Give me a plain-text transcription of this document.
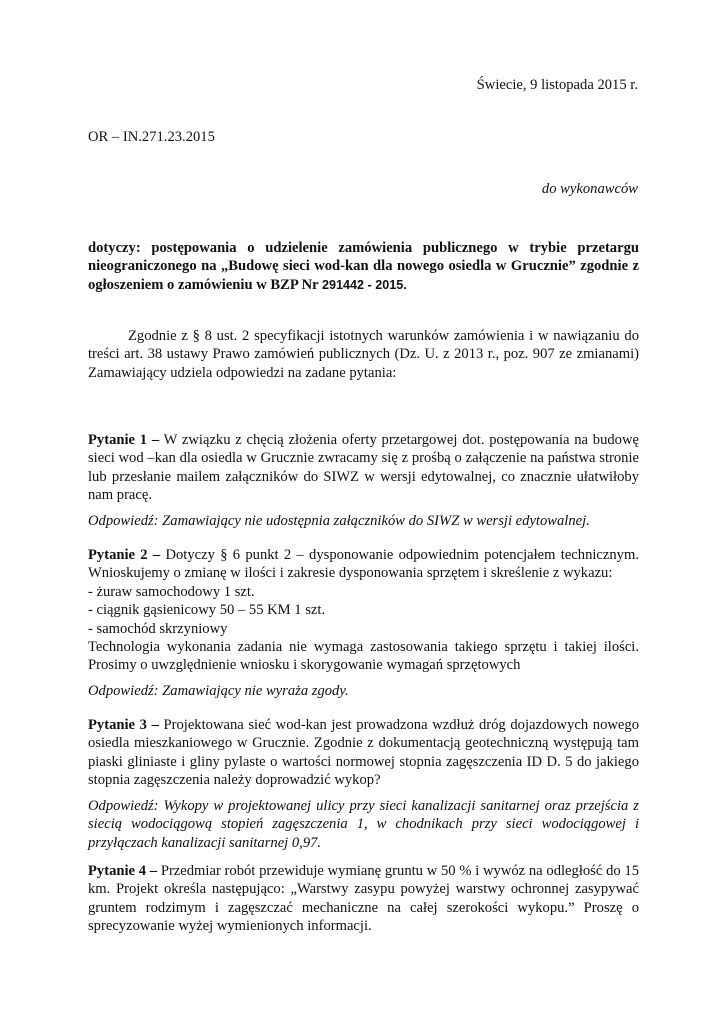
Świecie, 9 listopada 2015 r.
OR – IN.271.23.2015
do wykonawców
dotyczy: postępowania o udzielenie zamówienia publicznego w trybie przetargu nieograniczonego na „Budowę sieci wod-kan dla nowego osiedla w Grucznie” zgodnie z ogłoszeniem o zamówieniu w BZP Nr 291442 - 2015.
Zgodnie z § 8 ust. 2 specyfikacji istotnych warunków zamówienia i w nawiązaniu do treści art. 38 ustawy Prawo zamówień publicznych (Dz. U. z 2013 r., poz. 907 ze zmianami) Zamawiający udziela odpowiedzi na zadane pytania:
Pytanie 1 – W związku z chęcią złożenia oferty przetargowej dot. postępowania na budowę sieci wod –kan dla osiedla w Grucznie zwracamy się z prośbą o załączenie na państwa stronie lub przesłanie mailem załączników do SIWZ w wersji edytowalnej, co znacznie ułatwiłoby nam pracę.
Odpowiedź: Zamawiający nie udostępnia załączników do SIWZ w wersji edytowalnej.
Pytanie 2 – Dotyczy § 6 punkt 2 – dysponowanie odpowiednim potencjałem technicznym. Wnioskujemy o zmianę w ilości i zakresie dysponowania sprzętem i skreślenie z wykazu:
- żuraw samochodowy 1 szt.
- ciągnik gąsienicowy 50 – 55 KM 1 szt.
- samochód skrzyniowy
Technologia wykonania zadania nie wymaga zastosowania takiego sprzętu i takiej ilości. Prosimy o uwzględnienie wniosku i skorygowanie wymagań sprzętowych
Odpowiedź: Zamawiający nie wyraża zgody.
Pytanie 3 – Projektowana sieć wod-kan jest prowadzona wzdłuż dróg dojazdowych nowego osiedla mieszkaniowego w Grucznie. Zgodnie z dokumentacją geotechniczną występują tam piaski gliniaste i gliny pylaste o wartości normowej stopnia zagęszczenia ID D. 5 do jakiego stopnia zagęszczenia należy doprowadzić wykop?
Odpowiedź: Wykopy w projektowanej ulicy przy sieci kanalizacji sanitarnej oraz przejścia z siecią wodociągową stopień zagęszczenia 1, w chodnikach przy sieci wodociągowej i przyłączach kanalizacji sanitarnej 0,97.
Pytanie 4 – Przedmiar robót przewiduje wymianę gruntu w 50 % i wywóz na odległość do 15 km. Projekt określa następująco: „Warstwy zasypu powyżej warstwy ochronnej zasypywać gruntem rodzimym i zagęszczać mechaniczne na całej szerokości wykopu.” Proszę o sprecyzowanie wyżej wymienionych informacji.
